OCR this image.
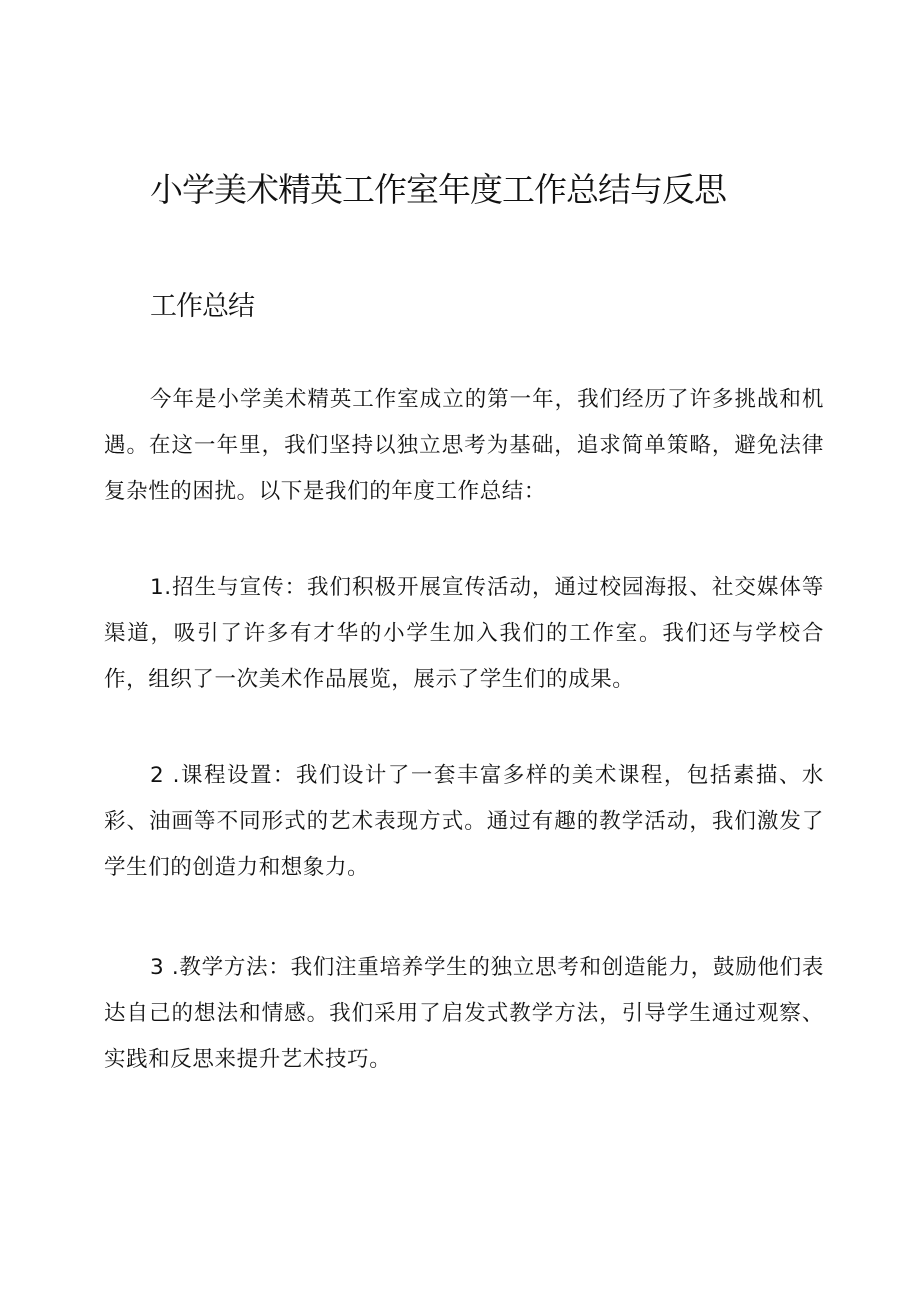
小学美术精英工作室年度工作总结与反思
工作总结

今年是小学美术精英工作室成立的第一年，我们经历了许多挑战和机遇。在这一年里，我们坚持以独立思考为基础，追求简单策略，避免法律复杂性的困扰。以下是我们的年度工作总结：

1.招生与宣传：我们积极开展宣传活动，通过校园海报、社交媒体等渠道，吸引了许多有才华的小学生加入我们的工作室。我们还与学校合作，组织了一次美术作品展览，展示了学生们的成果。

2 .课程设置：我们设计了一套丰富多样的美术课程，包括素描、水彩、油画等不同形式的艺术表现方式。通过有趣的教学活动，我们激发了学生们的创造力和想象力。

3 .教学方法：我们注重培养学生的独立思考和创造能力，鼓励他们表达自己的想法和情感。我们采用了启发式教学方法，引导学生通过观察、实践和反思来提升艺术技巧。
